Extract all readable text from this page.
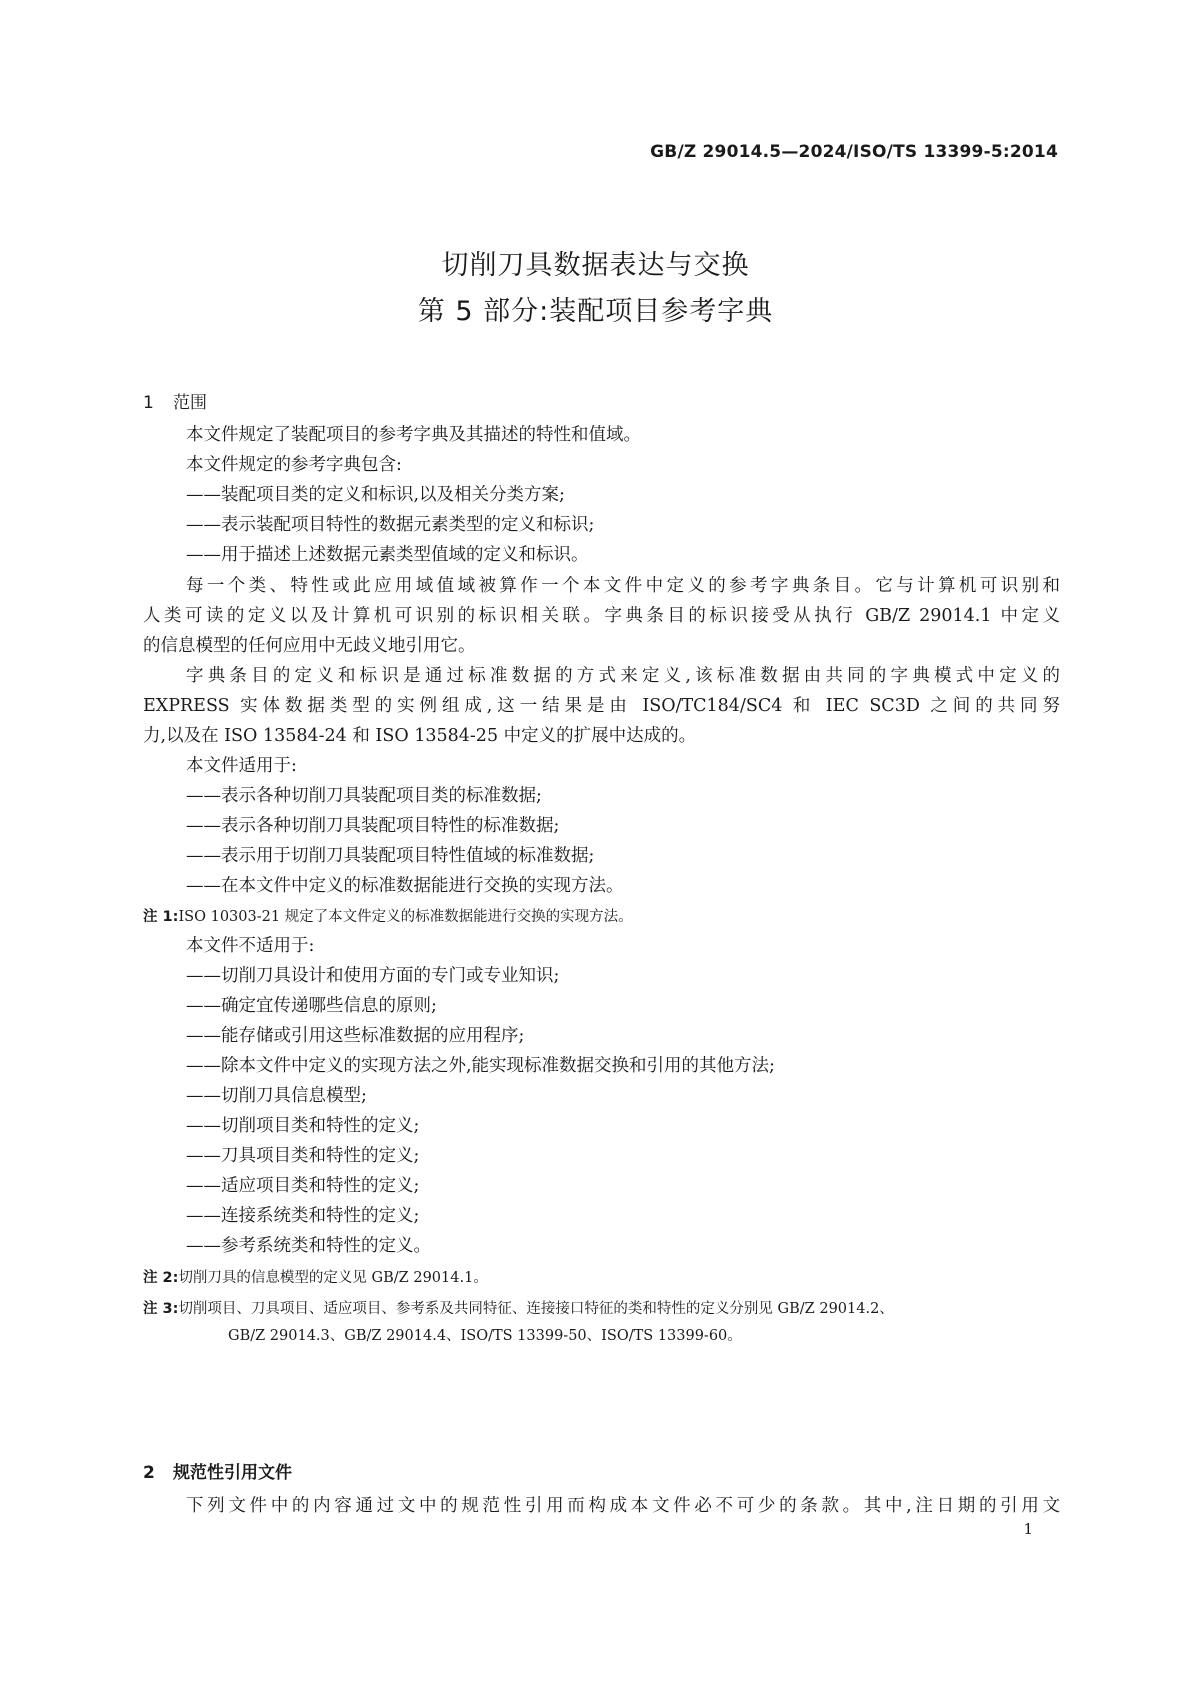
GB/Z 29014.5—2024/ISO/TS 13399-5:2014
切削刀具数据表达与交换
第 5 部分:装配项目参考字典
1 范围
本文件规定了装配项目的参考字典及其描述的特性和值域。
本文件规定的参考字典包含:
——装配项目类的定义和标识,以及相关分类方案;
——表示装配项目特性的数据元素类型的定义和标识;
——用于描述上述数据元素类型值域的定义和标识。
每一个类、特性或此应用域值域被算作一个本文件中定义的参考字典条目。它与计算机可识别和
人类可读的定义以及计算机可识别的标识相关联。字典条目的标识接受从执行 GB/Z 29014.1 中定义
的信息模型的任何应用中无歧义地引用它。
字典条目的定义和标识是通过标准数据的方式来定义,该标准数据由共同的字典模式中定义的
EXPRESS 实体数据类型的实例组成,这一结果是由 ISO/TC184/SC4 和 IEC SC3D 之间的共同努
力,以及在 ISO 13584-24 和 ISO 13584-25 中定义的扩展中达成的。
本文件适用于:
——表示各种切削刀具装配项目类的标准数据;
——表示各种切削刀具装配项目特性的标准数据;
——表示用于切削刀具装配项目特性值域的标准数据;
——在本文件中定义的标准数据能进行交换的实现方法。
注 1:ISO 10303-21 规定了本文件定义的标准数据能进行交换的实现方法。
本文件不适用于:
——切削刀具设计和使用方面的专门或专业知识;
——确定宜传递哪些信息的原则;
——能存储或引用这些标准数据的应用程序;
——除本文件中定义的实现方法之外,能实现标准数据交换和引用的其他方法;
——切削刀具信息模型;
——切削项目类和特性的定义;
——刀具项目类和特性的定义;
——适应项目类和特性的定义;
——连接系统类和特性的定义;
——参考系统类和特性的定义。
注 2:切削刀具的信息模型的定义见 GB/Z 29014.1。
注 3:切削项目、刀具项目、适应项目、参考系及共同特征、连接接口特征的类和特性的定义分别见 GB/Z 29014.2、
GB/Z 29014.3、GB/Z 29014.4、ISO/TS 13399-50、ISO/TS 13399-60。
2 规范性引用文件
下列文件中的内容通过文中的规范性引用而构成本文件必不可少的条款。其中,注日期的引用文
1
